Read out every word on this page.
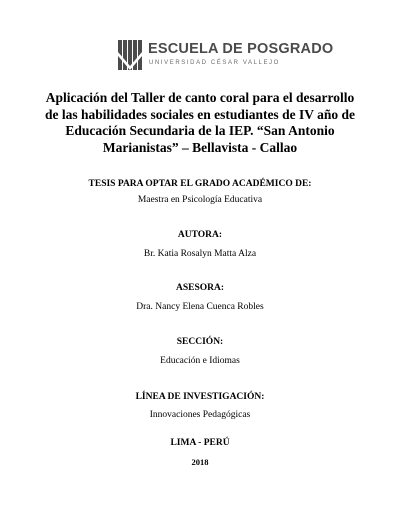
ESCUELA DE POSGRADO
UNIVERSIDAD CÉSAR VALLEJO
Aplicación del Taller de canto coral para el desarrollo de las habilidades sociales en estudiantes de IV año de Educación Secundaria de la IEP. “San Antonio Marianistas” – Bellavista - Callao
TESIS PARA OPTAR EL GRADO ACADÉMICO DE:
Maestra en Psicología Educativa
AUTORA:
Br. Katia Rosalyn Matta Alza
ASESORA:
Dra. Nancy Elena Cuenca Robles
SECCIÓN:
Educación e Idiomas
LÍNEA DE INVESTIGACIÓN:
Innovaciones Pedagógicas
LIMA - PERÚ
2018
